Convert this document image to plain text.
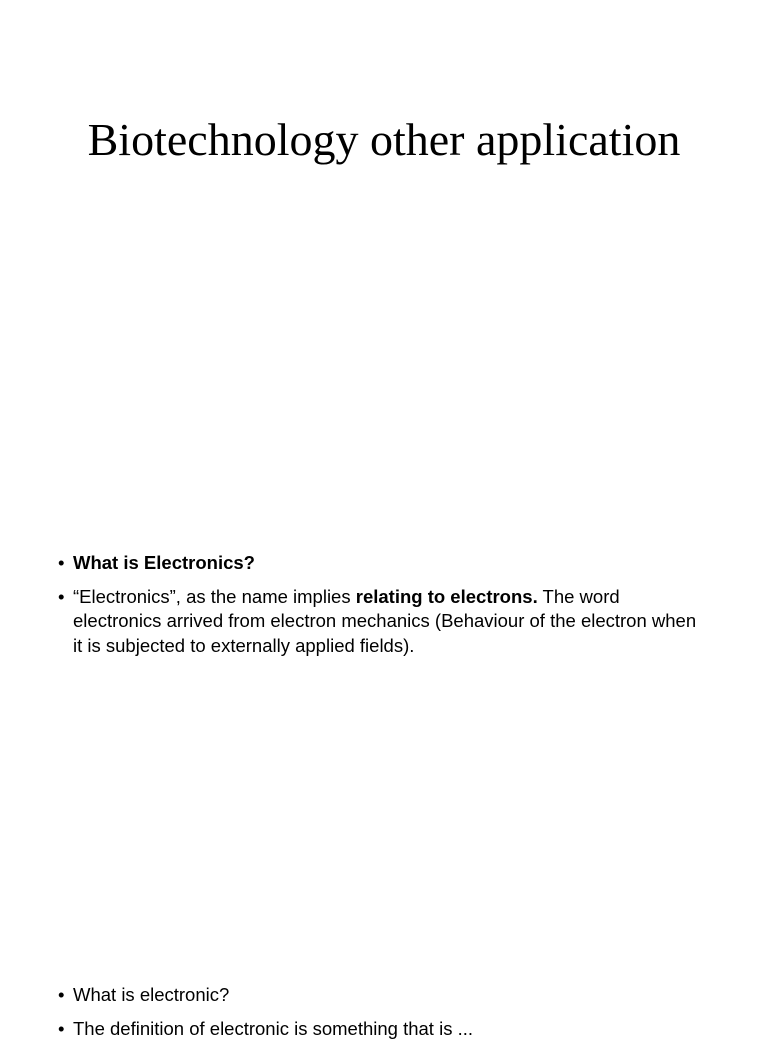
Biotechnology other application
• What is Electronics?
• “Electronics”, as the name implies relating to electrons. The word electronics arrived from electron mechanics (Behaviour of the electron when it is subjected to externally applied fields).
• What is electronic?
• The definition of electronic is something that is ...
